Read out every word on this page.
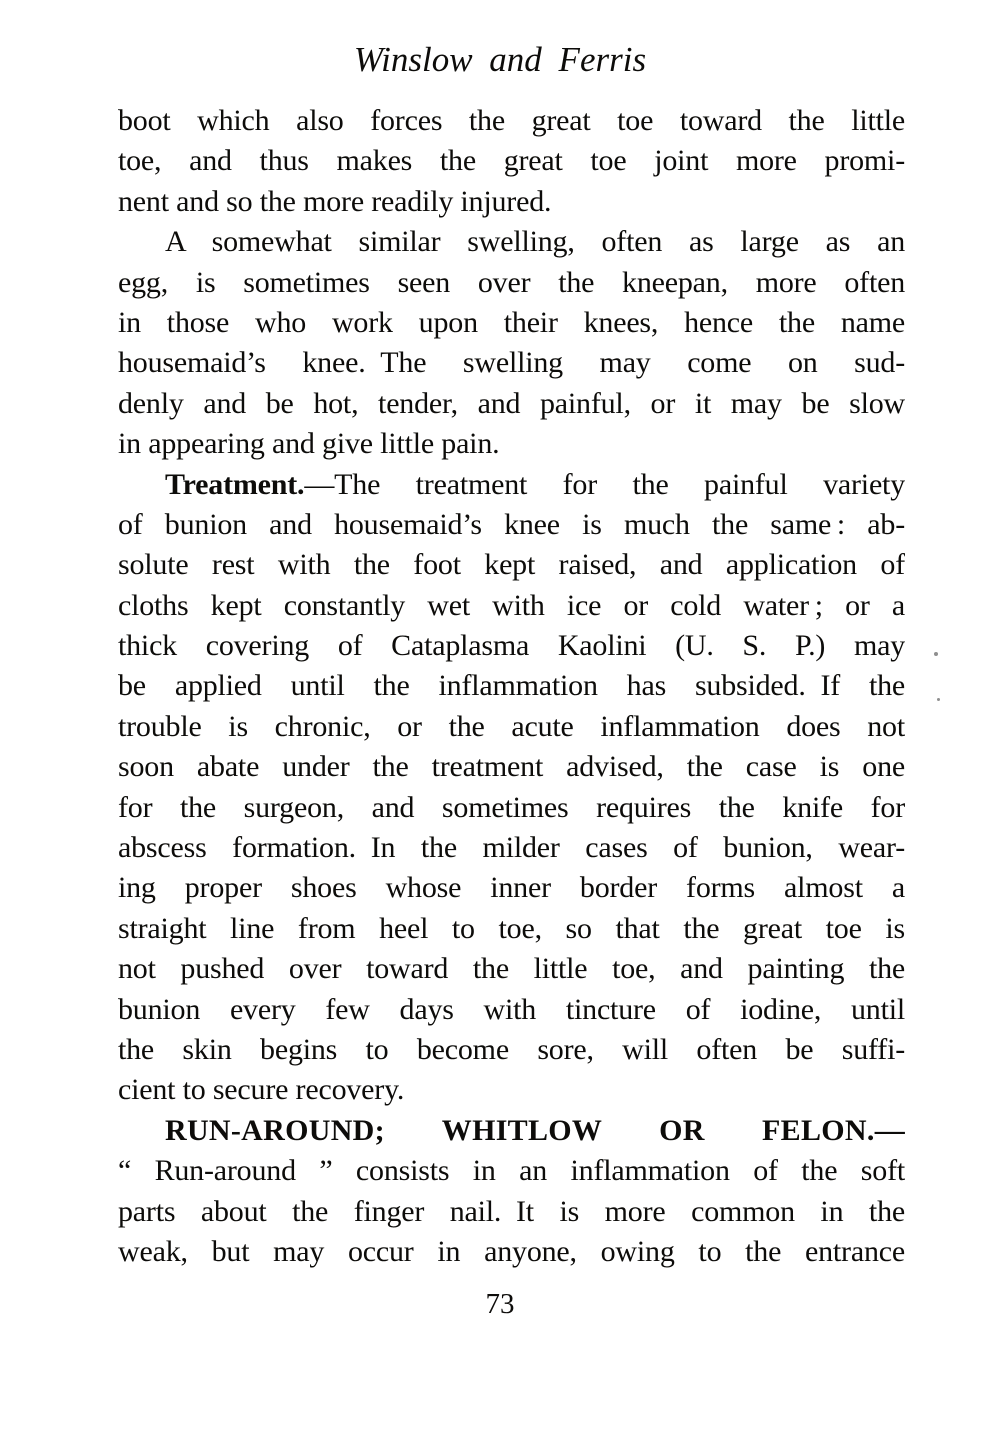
Winslow and Ferris
boot which also forces the great toe toward the little
toe, and thus makes the great toe joint more promi-
nent and so the more readily injured.
A somewhat similar swelling, often as large as an
egg, is sometimes seen over the kneepan, more often
in those who work upon their knees, hence the name
housemaid’s knee. The swelling may come on sud-
denly and be hot, tender, and painful, or it may be slow
in appearing and give little pain.
Treatment.—The treatment for the painful variety
of bunion and housemaid’s knee is much the same : ab-
solute rest with the foot kept raised, and application of
cloths kept constantly wet with ice or cold water ; or a
thick covering of Cataplasma Kaolini (U. S. P.) may
be applied until the inflammation has subsided. If the
trouble is chronic, or the acute inflammation does not
soon abate under the treatment advised, the case is one
for the surgeon, and sometimes requires the knife for
abscess formation. In the milder cases of bunion, wear-
ing proper shoes whose inner border forms almost a
straight line from heel to toe, so that the great toe is
not pushed over toward the little toe, and painting the
bunion every few days with tincture of iodine, until
the skin begins to become sore, will often be suffi-
cient to secure recovery.
RUN-AROUND; WHITLOW OR FELON.—
“ Run-around ” consists in an inflammation of the soft
parts about the finger nail. It is more common in the
weak, but may occur in anyone, owing to the entrance
73
